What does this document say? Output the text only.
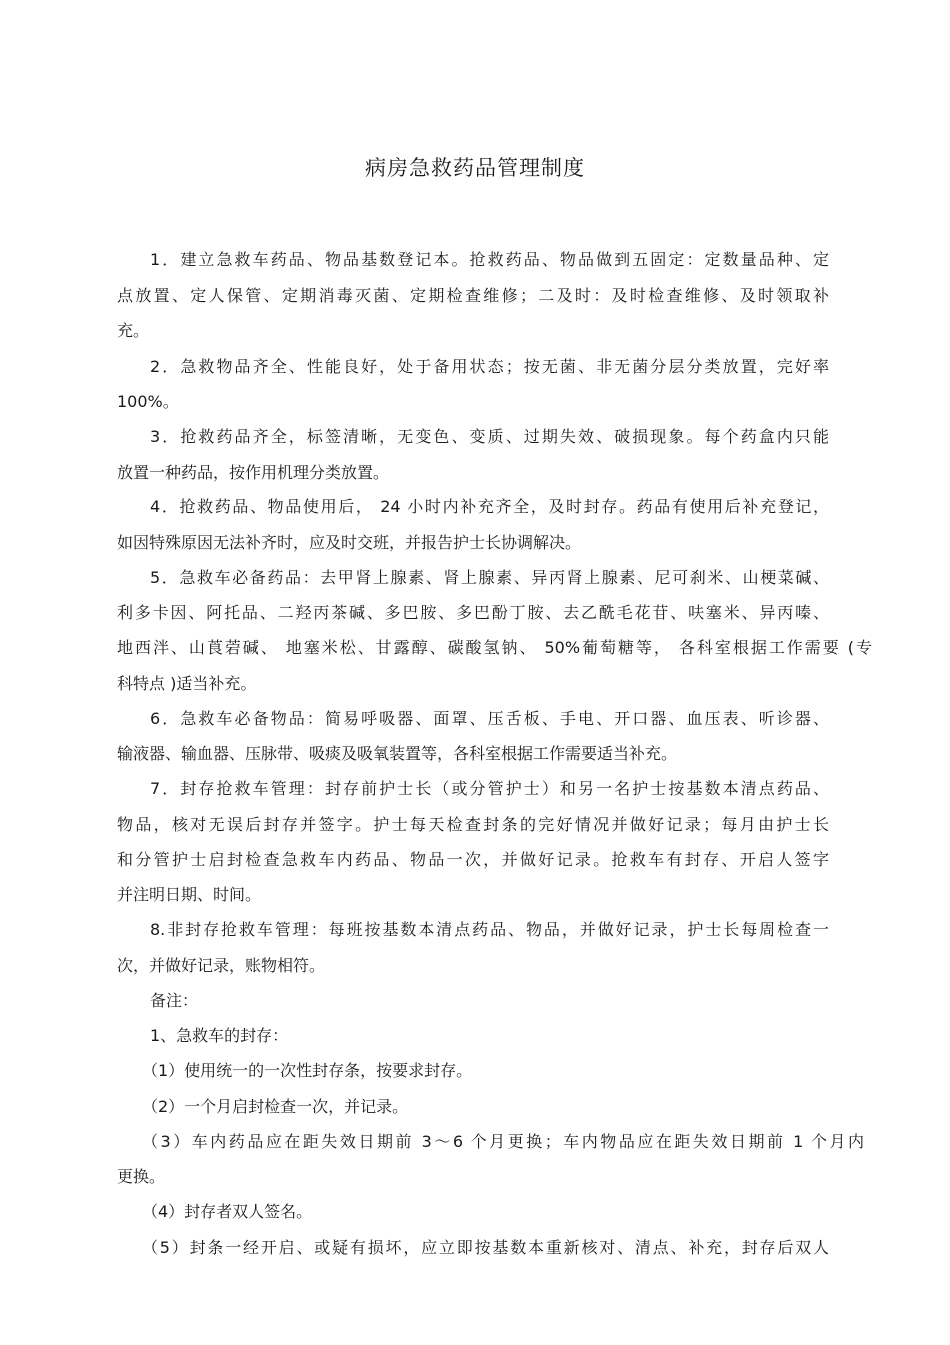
病房急救药品管理制度
1．建立急救车药品、物品基数登记本。抢救药品、物品做到五固定：定数量品种、定
点放置、定人保管、定期消毒灭菌、定期检查维修；二及时：及时检查维修、及时领取补
充。
2．急救物品齐全、性能良好，处于备用状态；按无菌、非无菌分层分类放置，完好率
100%。
3．抢救药品齐全，标签清晰，无变色、变质、过期失效、破损现象。每个药盒内只能
放置一种药品，按作用机理分类放置。
4．抢救药品、物品使用后， 24 小时内补充齐全，及时封存。药品有使用后补充登记，
如因特殊原因无法补齐时，应及时交班，并报告护士长协调解决。
5．急救车必备药品：去甲肾上腺素、肾上腺素、异丙肾上腺素、尼可刹米、山梗菜碱、
利多卡因、阿托品、二羟丙茶碱、多巴胺、多巴酚丁胺、去乙酰毛花苷、呋塞米、异丙嗪、
地西泮、山莨菪碱、 地塞米松、甘露醇、碳酸氢钠、 50%葡萄糖等， 各科室根据工作需要 (专
科特点 )适当补充。
6．急救车必备物品：简易呼吸器、面罩、压舌板、手电、开口器、血压表、听诊器、
输液器、输血器、压脉带、吸痰及吸氧装置等，各科室根据工作需要适当补充。
7．封存抢救车管理：封存前护士长（或分管护士）和另一名护士按基数本清点药品、
物品，核对无误后封存并签字。护士每天检查封条的完好情况并做好记录；每月由护士长
和分管护士启封检查急救车内药品、物品一次，并做好记录。抢救车有封存、开启人签字
并注明日期、时间。
8.非封存抢救车管理：每班按基数本清点药品、物品，并做好记录，护士长每周检查一
次，并做好记录，账物相符。
备注：
1、急救车的封存：
（1）使用统一的一次性封存条，按要求封存。
（2）一个月启封检查一次，并记录。
（3）车内药品应在距失效日期前 3～6 个月更换；车内物品应在距失效日期前 1 个月内
更换。
（4）封存者双人签名。
（5）封条一经开启、或疑有损坏，应立即按基数本重新核对、清点、补充，封存后双人
